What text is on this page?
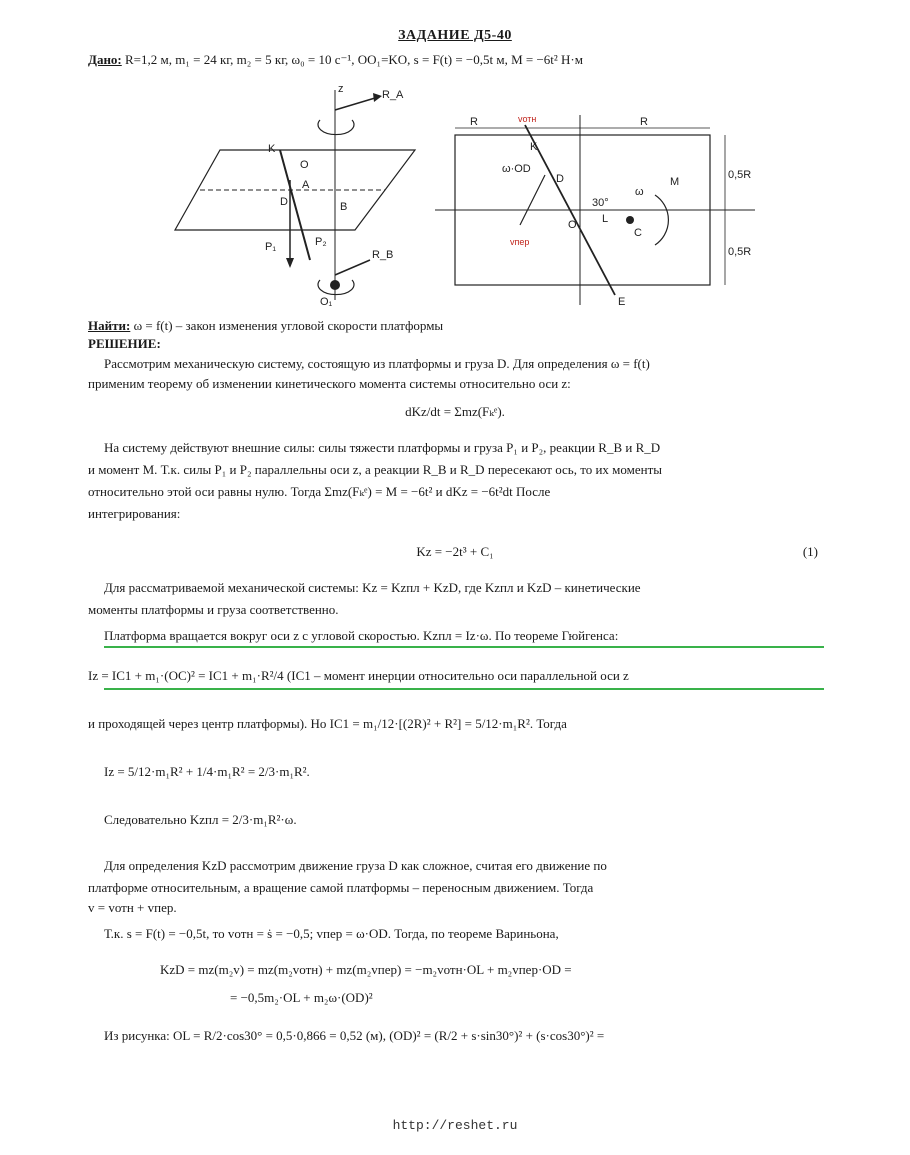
ЗАДАНИЕ Д5-40
Дано: R=1,2 м, m₁ = 24 кг, m₂ = 5 кг, ω₀ = 10 с⁻¹, OO₁=KO, s = F(t) = −0,5t м, M = −6t² Н·м
K
O
A
B
D
P₁	P₂
R_A
R_B
z
O₁
R	R
K
D
O L
C
M
ω
0,5R
0,5R
30°
E
vотн
vпер
ω·OD
Найти: ω = f(t) – закон изменения угловой скорости платформы
РЕШЕНИЕ:
Рассмотрим механическую систему, состоящую из платформы и груза D. Для определения ω = f(t)
применим теорему об изменении кинетического момента системы относительно оси z:
dKz/dt = Σmz(Fₖᵉ).
На систему действуют внешние силы: силы тяжести платформы и груза P₁ и P₂, реакции R_B и R_D
и момент M. Т.к. силы P₁ и P₂ параллельны оси z, а реакции R_B и R_D пересекают ось, то их моменты
относительно этой оси равны нулю. Тогда Σmz(Fₖᵉ) = M = −6t² и dKz = −6t²dt После
интегрирования:
Kz = −2t³ + C₁	(1)
Для рассматриваемой механической системы: Kz = Kzпл + KzD, где Kzпл и KzD – кинетические
моменты платформы и груза соответственно.
Платформа вращается вокруг оси z с угловой скоростью. Kzпл = Iz·ω. По теореме Гюйгенса:
Iz = IC1 + m₁·(OC)² = IC1 + m₁·R²/4 (IC1 – момент инерции относительно оси параллельной оси z
и проходящей через центр платформы). Но IC1 = m₁/12·[(2R)² + R²] = 5/12·m₁R². Тогда
Iz = 5/12·m₁R² + 1/4·m₁R² = 2/3·m₁R².
Следовательно Kzпл = 2/3·m₁R²·ω.
Для определения KzD рассмотрим движение груза D как сложное, считая его движение по
платформе относительным, а вращение самой платформы – переносным движением. Тогда
v = vотн + vпер.
Т.к. s = F(t) = −0,5t, то vотн = ṡ = −0,5; vпер = ω·OD. Тогда, по теореме Вариньона,
KzD = mz(m₂v) = mz(m₂vотн) + mz(m₂vпер) = −m₂vотн·OL + m₂vпер·OD =
= −0,5m₂·OL + m₂ω·(OD)²
Из рисунка: OL = R/2·cos30° = 0,5·0,866 = 0,52 (м), (OD)² = (R/2 + s·sin30°)² + (s·cos30°)² =
http://reshet.ru
